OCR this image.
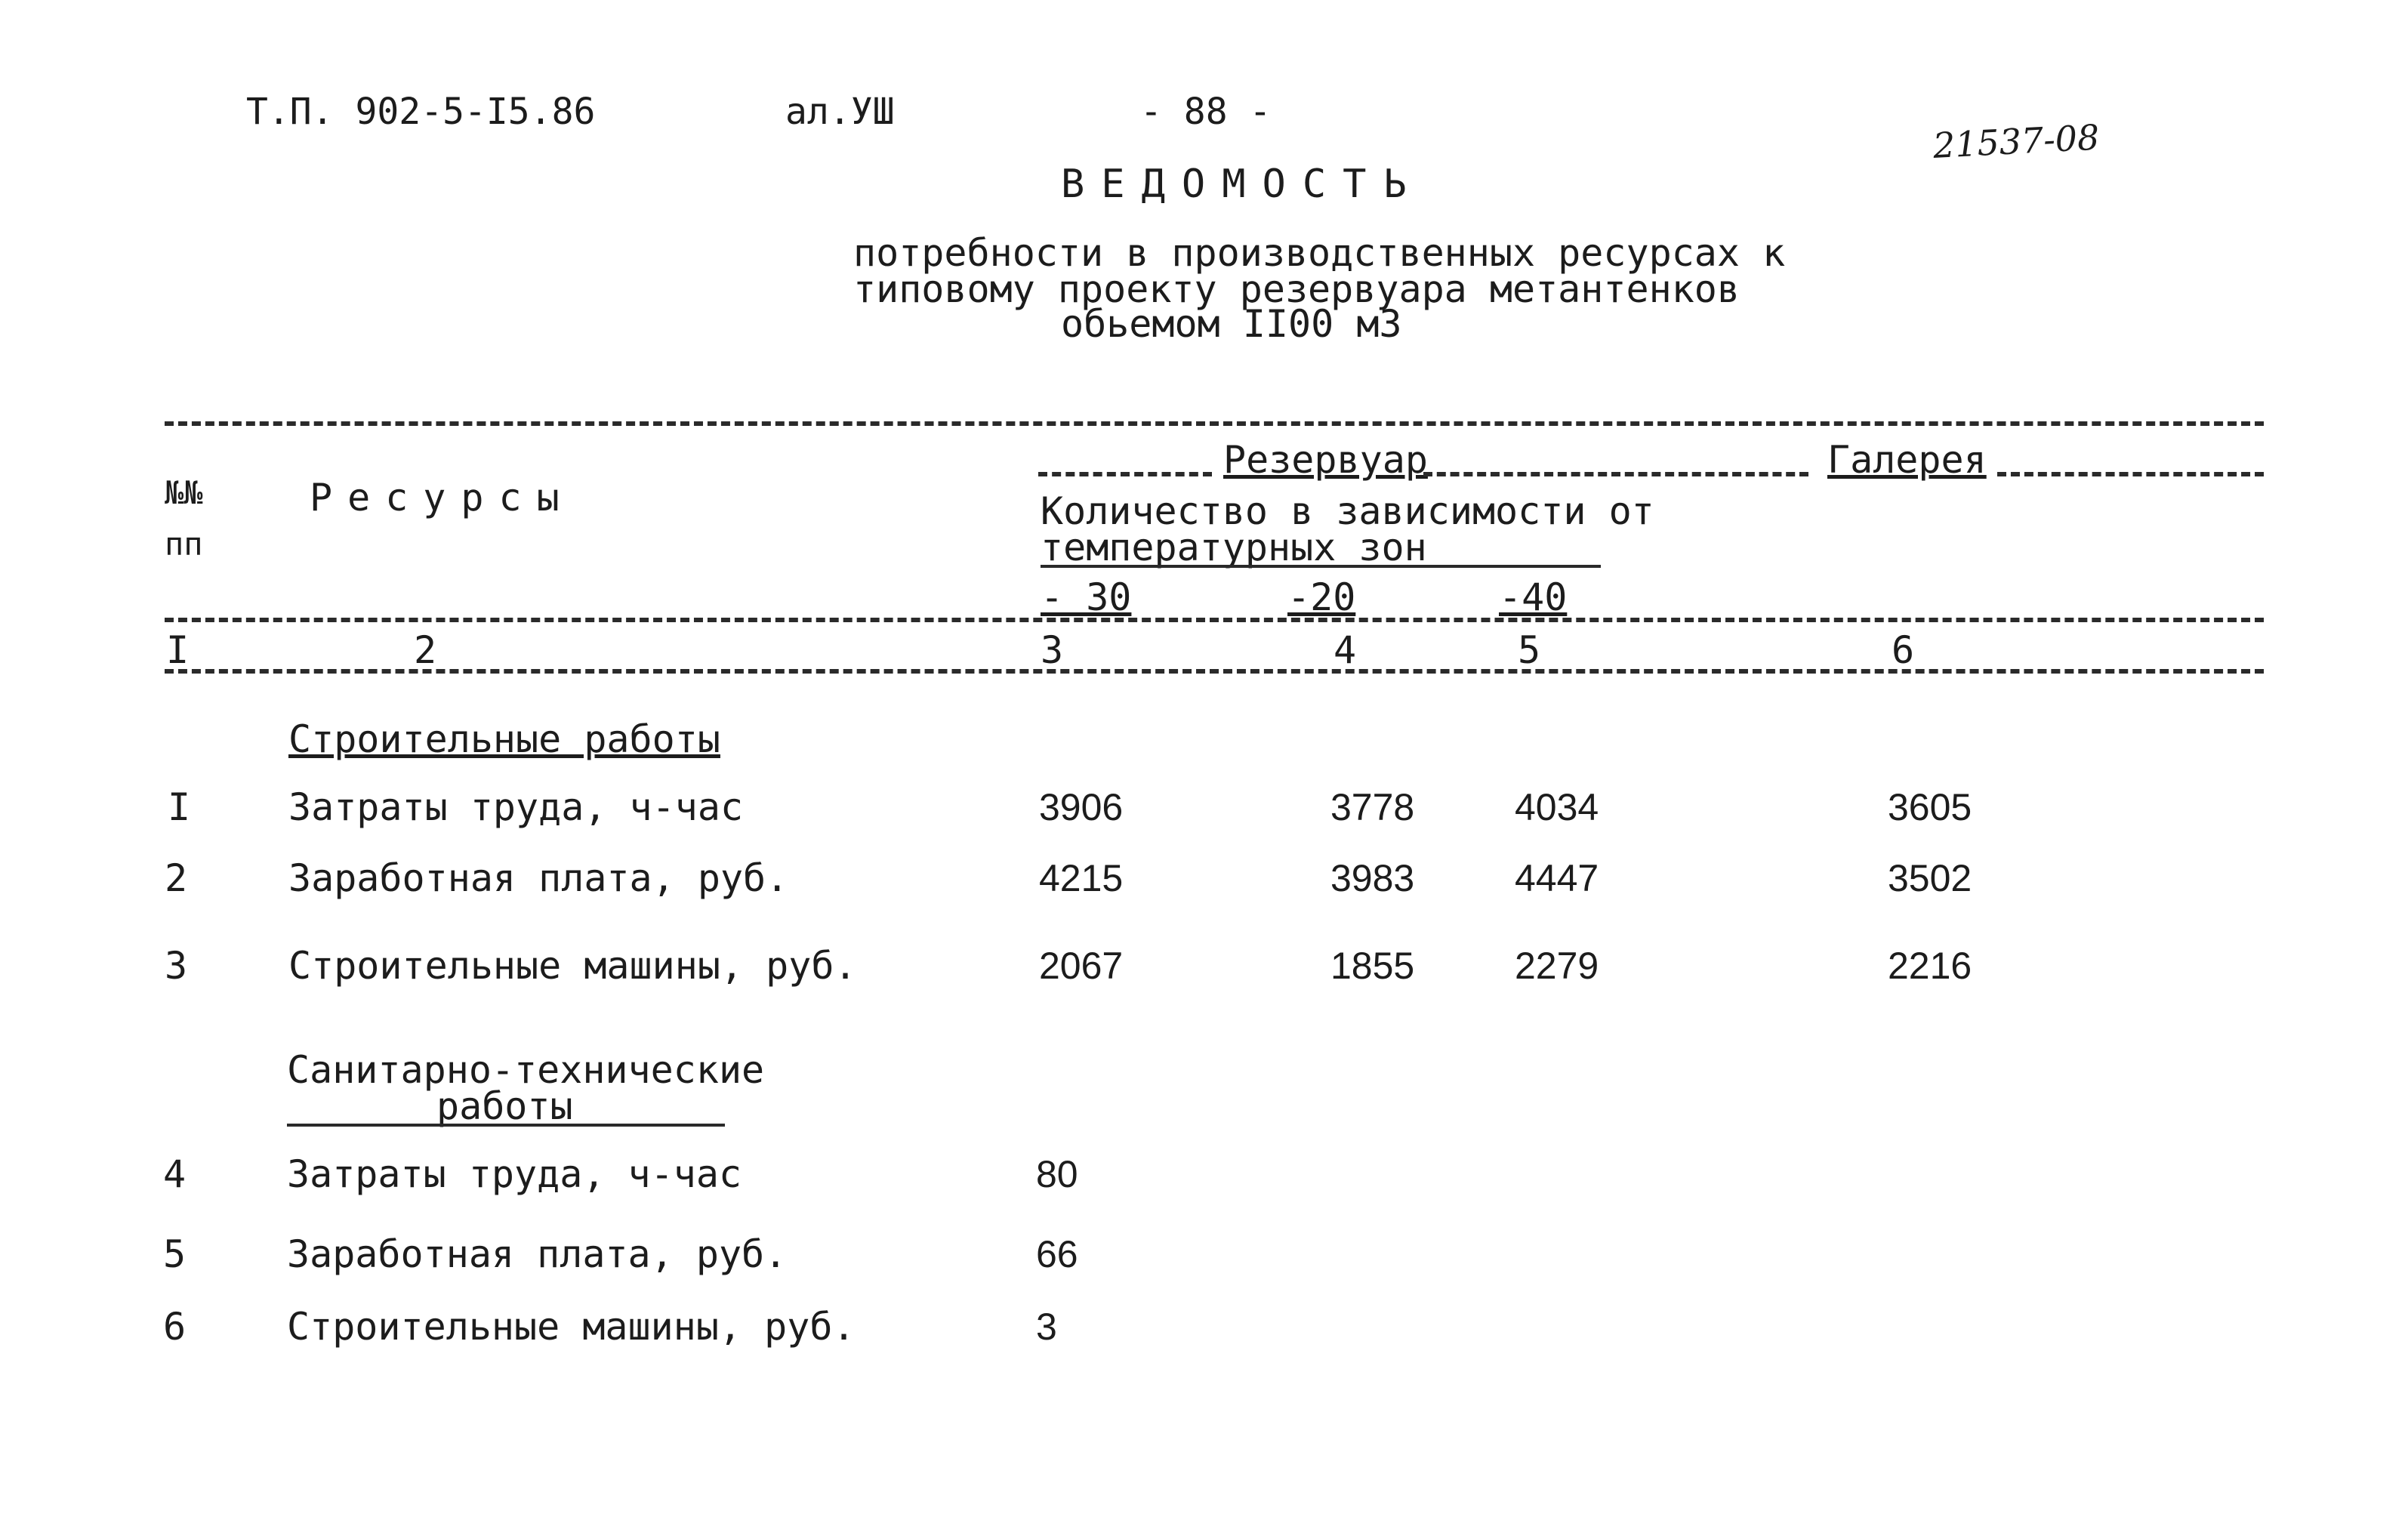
Т.П. 902-5-I5.86	ал.УШ	- 88 -
21537-08
ВЕДОМОСТЬ
потребности в производственных ресурсах к
типовому проекту резервуара метантенков
обьемом II00 м3
Резервуар	Галерея
№№
пп
Ресурсы	Количество в зависимости от
температурных зон
- 30	-20	-40
I	2	3	4	5	6
Строительные работы
I	Затраты труда, ч-час	3906	3778	4034	3605
2	Заработная плата, руб.	4215	3983	4447	3502
3	Строительные машины, руб.	2067	1855	2279	2216
Санитарно-технические
работы
4	Затраты труда, ч-час	80
5	Заработная плата, руб.	66
6	Строительные машины, руб.	3
